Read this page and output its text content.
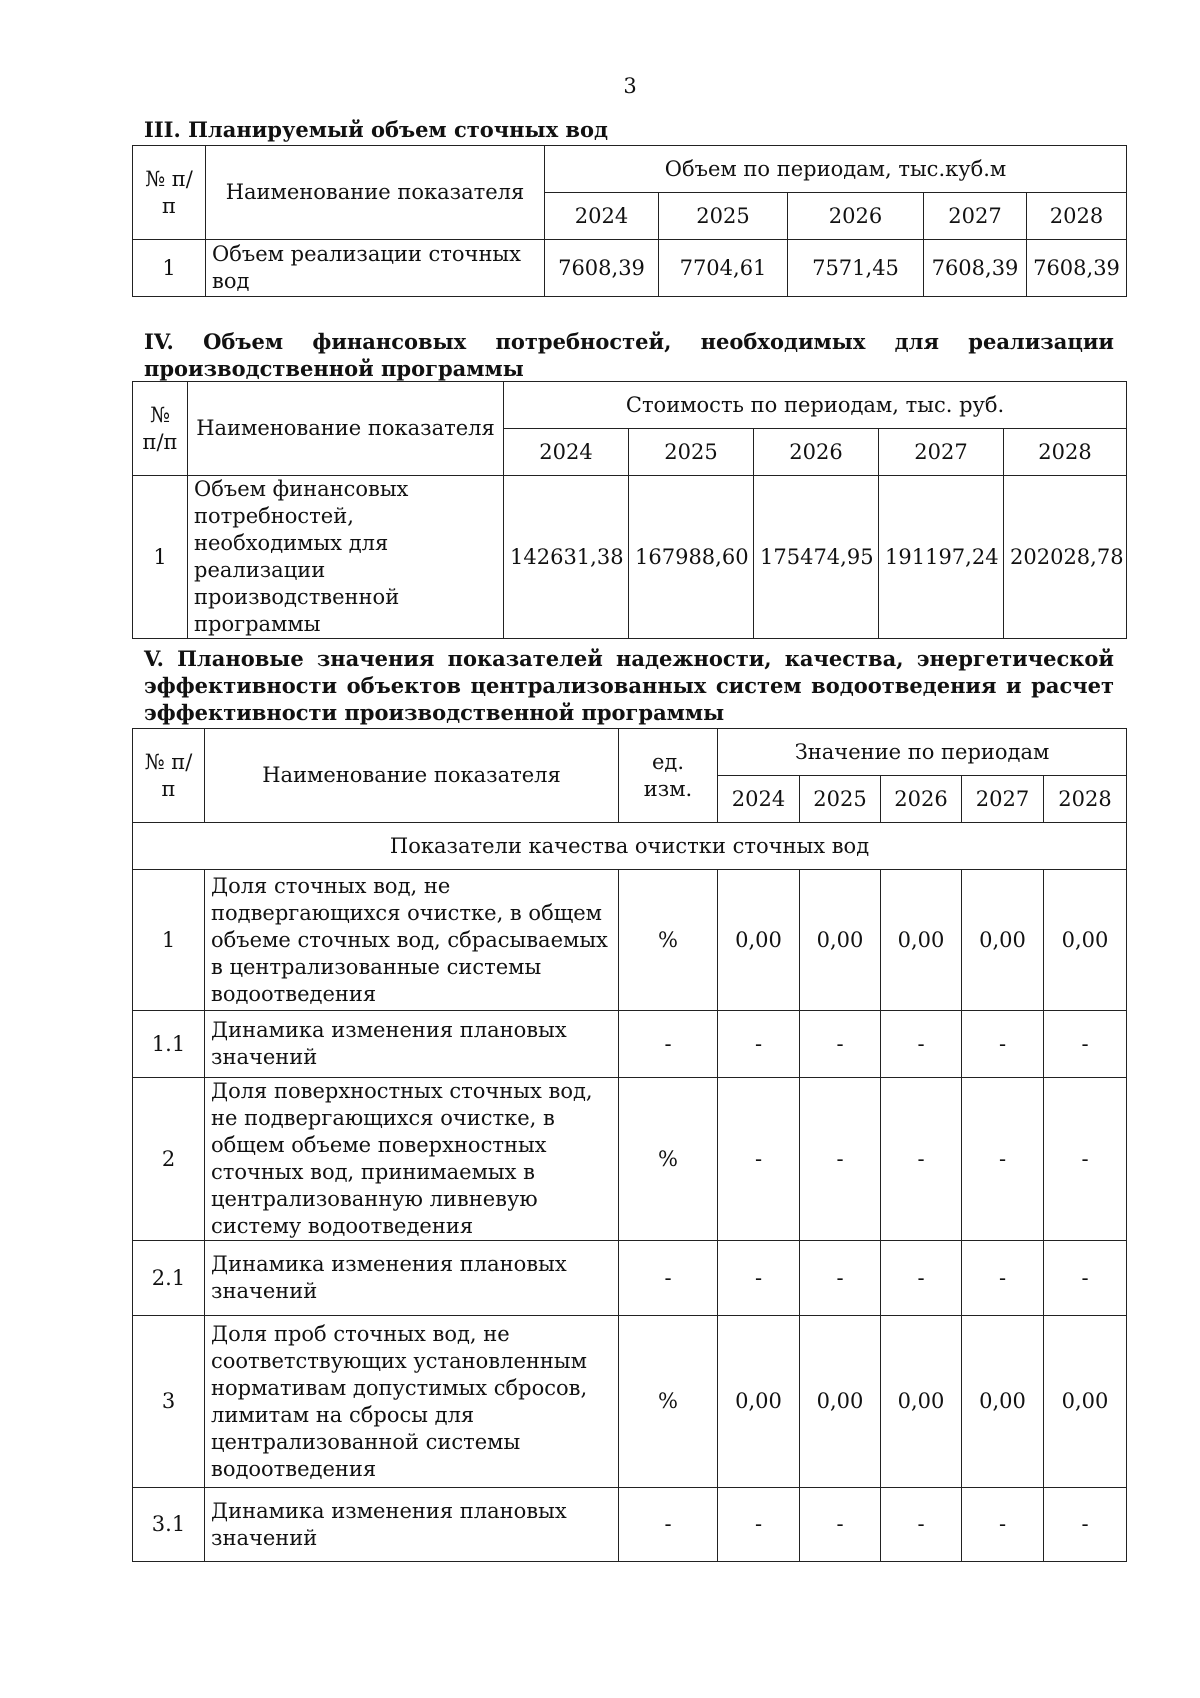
3
III. Планируемый объем сточных вод
№ п/п	Наименование показателя	Объем по периодам, тыс.куб.м				
		2024	2025	2026	2027	2028
1	Объем реализации сточных вод	7608,39	7704,61	7571,45	7608,39	7608,39
IV. Объем финансовых потребностей, необходимых для реализации производственной программы
№ п/п	Наименование показателя	Стоимость по периодам, тыс. руб.				
		2024	2025	2026	2027	2028
1	Объем финансовых потребностей, необходимых для реализации производственной программы	142631,38	167988,60	175474,95	191197,24	202028,78
V. Плановые значения показателей надежности, качества, энергетической эффективности объектов централизованных систем водоотведения и расчет эффективности производственной программы
№ п/п	Наименование показателя	ед. изм.	Значение по периодам				
			2024	2025	2026	2027	2028
Показатели качества очистки сточных вод							
1	Доля сточных вод, не подвергающихся очистке, в общем объеме сточных вод, сбрасываемых в централизованные системы водоотведения	%	0,00	0,00	0,00	0,00	0,00
1.1	Динамика изменения плановых значений	-	-	-	-	-	-
2	Доля поверхностных сточных вод, не подвергающихся очистке, в общем объеме поверхностных сточных вод, принимаемых в централизованную ливневую систему водоотведения	%	-	-	-	-	-
2.1	Динамика изменения плановых значений	-	-	-	-	-	-
3	Доля проб сточных вод, не соответствующих установленным нормативам допустимых сбросов, лимитам на сбросы для централизованной системы водоотведения	%	0,00	0,00	0,00	0,00	0,00
3.1	Динамика изменения плановых значений	-	-	-	-	-	-
